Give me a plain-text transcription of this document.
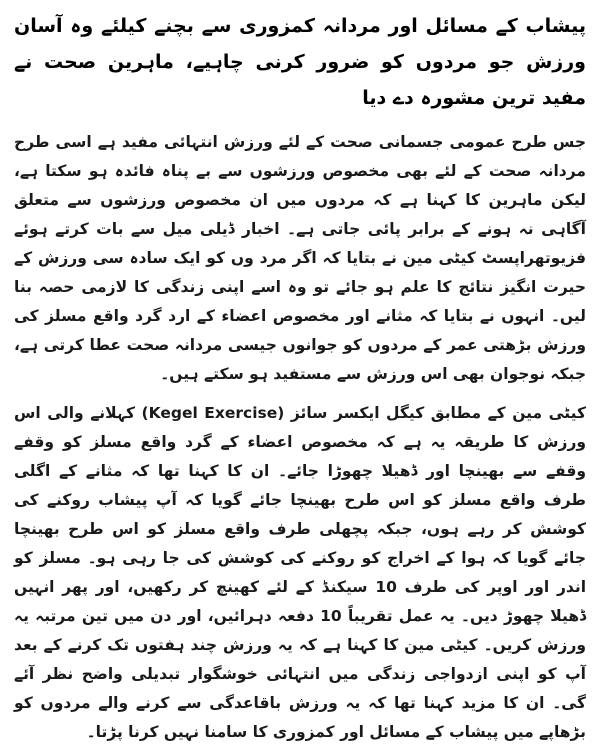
پیشاب کے مسائل اور مردانہ کمزوری سے بچنے کیلئے وہ آسان ورزش جو مردوں کو ضرور کرنی چاہیے، ماہرین صحت نے مفید ترین مشورہ دے دیا

جس طرح عمومی جسمانی صحت کے لئے ورزش انتہائی مفید ہے اسی طرح مردانہ صحت کے لئے بھی مخصوص ورزشوں سے بے پناہ فائدہ ہو سکتا ہے، لیکن ماہرین کا کہنا ہے کہ مردوں میں ان مخصوص ورزشوں سے متعلق آگاہی نہ ہونے کے برابر پائی جاتی ہے۔ اخبار ڈیلی میل سے بات کرتے ہوئے فزیوتھراپسٹ کیٹی مین نے بتایا کہ اگر مرد وں کو ایک سادہ سی ورزش کے حیرت انگیز نتائج کا علم ہو جائے تو وہ اسے اپنی زندگی کا لازمی حصہ بنا لیں۔ انہوں نے بتایا کہ مثانے اور مخصوص اعضاء کے ارد گرد واقع مسلز کی ورزش بڑھتی عمر کے مردوں کو جوانوں جیسی مردانہ صحت عطا کرتی ہے، جبکہ نوجوان بھی اس ورزش سے مستفید ہو سکتے ہیں۔

کیٹی مین کے مطابق کیگل ایکسر سائز (Kegel Exercise) کہلانے والی اس ورزش کا طریقہ یہ ہے کہ مخصوص اعضاء کے گرد واقع مسلز کو وقفے وقفے سے بھینچا اور ڈھیلا چھوڑا جائے۔ ان کا کہنا تھا کہ مثانے کے اگلی طرف واقع مسلز کو اس طرح بھینچا جائے گویا کہ آپ پیشاب روکنے کی کوشش کر رہے ہوں، جبکہ پچھلی طرف واقع مسلز کو اس طرح بھینچا جائے گویا کہ ہوا کے اخراج کو روکنے کی کوشش کی جا رہی ہو۔ مسلز کو اندر اور اوپر کی طرف 10 سیکنڈ کے لئے کھینچ کر رکھیں، اور پھر انہیں ڈھیلا چھوڑ دیں۔ یہ عمل تقریباً 10 دفعہ دہرائیں، اور دن میں تین مرتبہ یہ ورزش کریں۔ کیٹی مین کا کہنا ہے کہ یہ ورزش چند ہفتوں تک کرنے کے بعد آپ کو اپنی ازدواجی زندگی میں انتہائی خوشگوار تبدیلی واضح نظر آئے گی۔ ان کا مزید کہنا تھا کہ یہ ورزش باقاعدگی سے کرنے والے مردوں کو بڑھاپے میں پیشاب کے مسائل اور کمزوری کا سامنا نہیں کرنا پڑتا۔
